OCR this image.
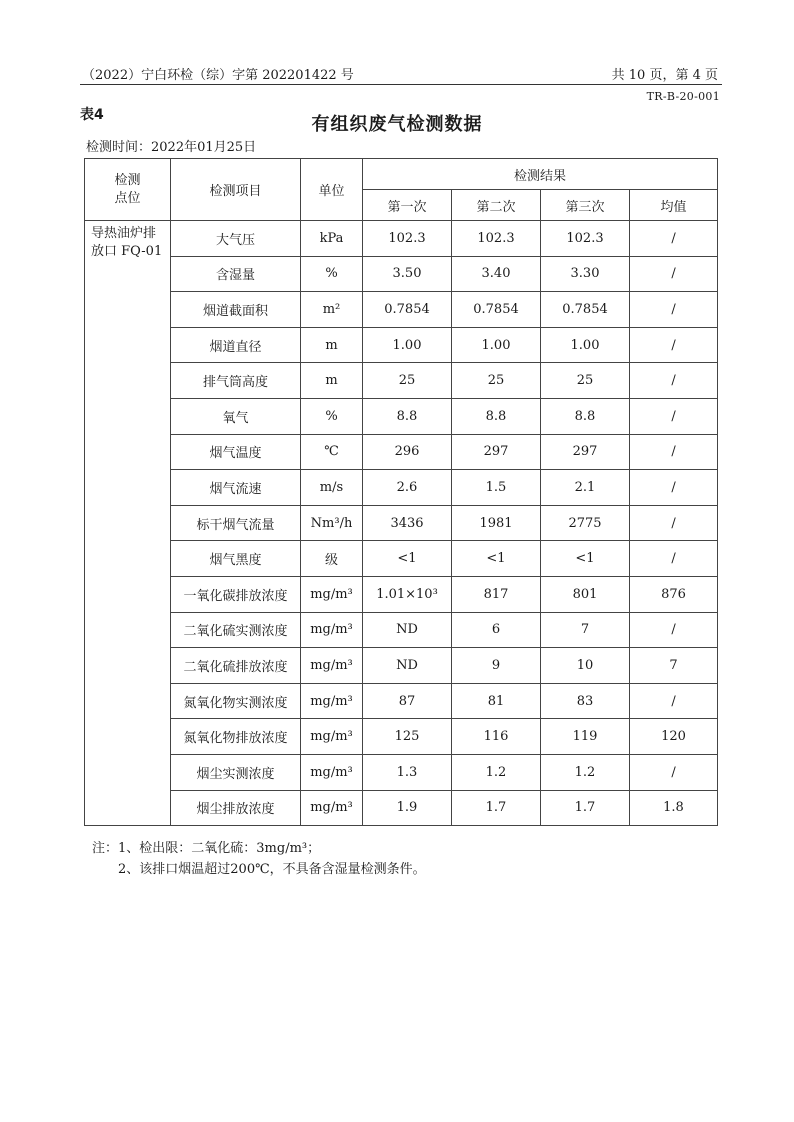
（2022）宁白环检（综）字第 202201422 号	共 10 页，第 4 页
TR-B-20-001
表4	有组织废气检测数据
检测时间：2022年01月25日
检测
点位	检测项目	单位	检测结果			
			第一次	第二次	第三次	均值
导热油炉排放口 FQ-01	大气压	kPa	102.3	102.3	102.3	/
	含湿量	%	3.50	3.40	3.30	/
	烟道截面积	m²	0.7854	0.7854	0.7854	/
	烟道直径	m	1.00	1.00	1.00	/
	排气筒高度	m	25	25	25	/
	氧气	%	8.8	8.8	8.8	/
	烟气温度	℃	296	297	297	/
	烟气流速	m/s	2.6	1.5	2.1	/
	标干烟气流量	Nm³/h	3436	1981	2775	/
	烟气黑度	级	<1	<1	<1	/
	一氧化碳排放浓度	mg/m³	1.01×10³	817	801	876
	二氧化硫实测浓度	mg/m³	ND	6	7	/
	二氧化硫排放浓度	mg/m³	ND	9	10	7
	氮氧化物实测浓度	mg/m³	87	81	83	/
	氮氧化物排放浓度	mg/m³	125	116	119	120
	烟尘实测浓度	mg/m³	1.3	1.2	1.2	/
	烟尘排放浓度	mg/m³	1.9	1.7	1.7	1.8
注：1、检出限：二氧化硫：3mg/m³；
2、该排口烟温超过200℃，不具备含湿量检测条件。
